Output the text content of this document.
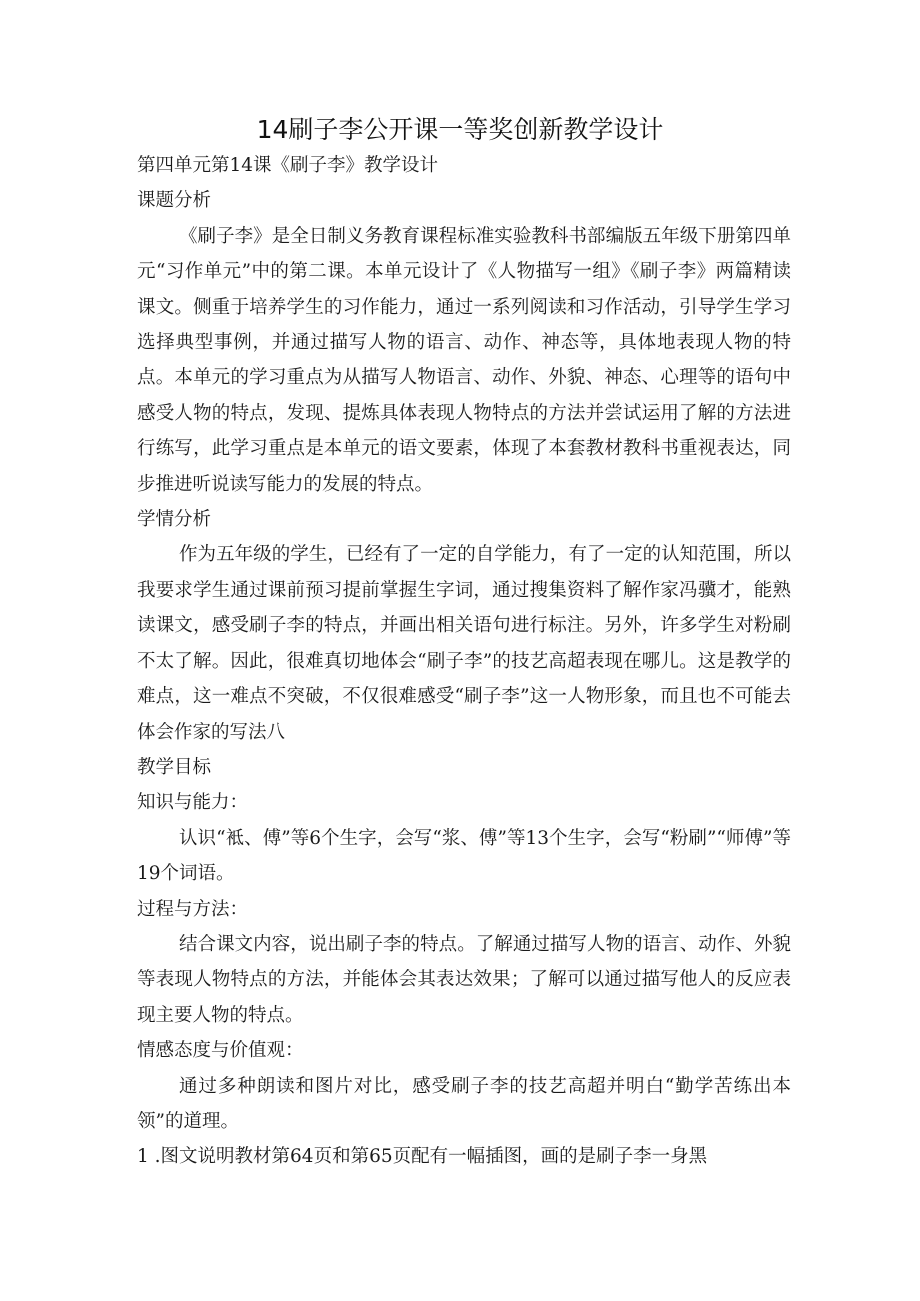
14刷子李公开课一等奖创新教学设计

第四单元第14课《刷子李》教学设计

课题分析

《刷子李》是全日制义务教育课程标准实验教科书部编版五年级下册第四单元“习作单元”中的第二课。本单元设计了《人物描写一组》《刷子李》两篇精读课文。侧重于培养学生的习作能力，通过一系列阅读和习作活动，引导学生学习选择典型事例，并通过描写人物的语言、动作、神态等，具体地表现人物的特点。本单元的学习重点为从描写人物语言、动作、外貌、神态、心理等的语句中感受人物的特点，发现、提炼具体表现人物特点的方法并尝试运用了解的方法进行练写，此学习重点是本单元的语文要素，体现了本套教材教科书重视表达，同步推进听说读写能力的发展的特点。

学情分析

作为五年级的学生，已经有了一定的自学能力，有了一定的认知范围，所以我要求学生通过课前预习提前掌握生字词，通过搜集资料了解作家冯骥才，能熟读课文，感受刷子李的特点，并画出相关语句进行标注。另外，许多学生对粉刷不太了解。因此，很难真切地体会“刷子李”的技艺高超表现在哪儿。这是教学的难点，这一难点不突破，不仅很难感受“刷子李”这一人物形象，而且也不可能去体会作家的写法八

教学目标

知识与能力：

认识“袛、傅”等6个生字，会写“浆、傅”等13个生字，会写“粉刷”“师傅”等19个词语。

过程与方法：

结合课文内容，说出刷子李的特点。了解通过描写人物的语言、动作、外貌等表现人物特点的方法，并能体会其表达效果；了解可以通过描写他人的反应表现主要人物的特点。

情感态度与价值观：

通过多种朗读和图片对比，感受刷子李的技艺高超并明白“勤学苦练出本领”的道理。

1 .图文说明教材第64页和第65页配有一幅插图，画的是刷子李一身黑
